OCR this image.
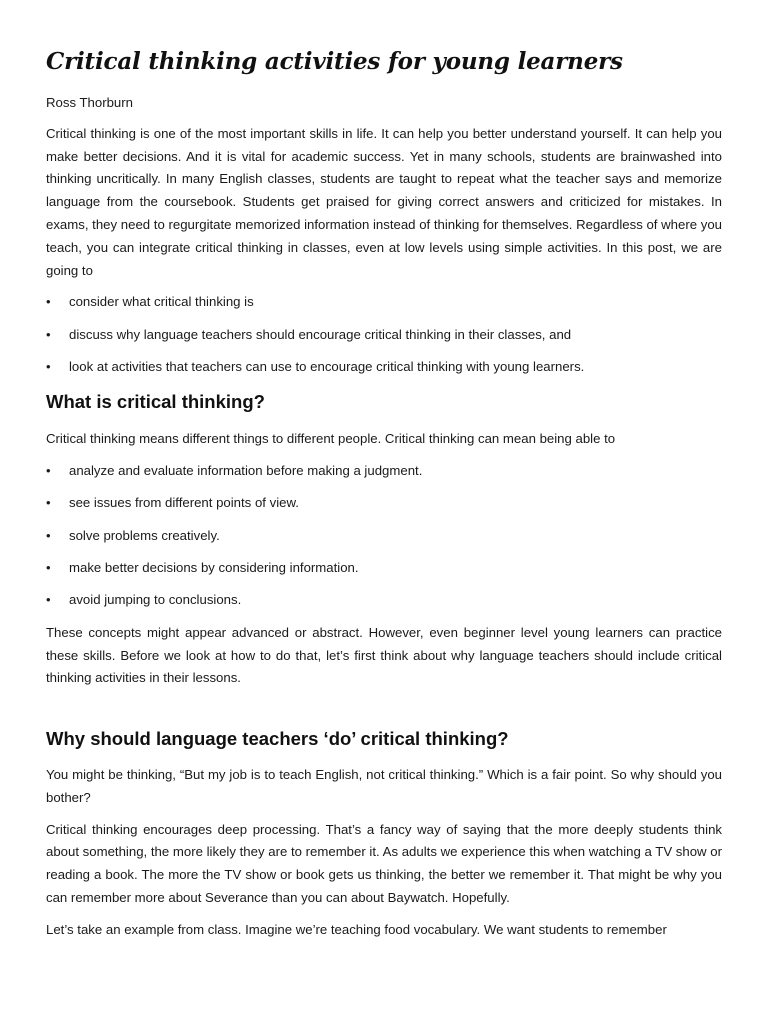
Critical thinking activities for young learners
Ross Thorburn

Critical thinking is one of the most important skills in life. It can help you better understand yourself. It can help you make better decisions. And it is vital for academic success. Yet in many schools, students are brainwashed into thinking uncritically. In many English classes, students are taught to repeat what the teacher says and memorize language from the coursebook. Students get praised for giving correct answers and criticized for mistakes. In exams, they need to regurgitate memorized information instead of thinking for themselves. Regardless of where you teach, you can integrate critical thinking in classes, even at low levels using simple activities. In this post, we are going to

• consider what critical thinking is
• discuss why language teachers should encourage critical thinking in their classes, and
• look at activities that teachers can use to encourage critical thinking with young learners.
What is critical thinking?

Critical thinking means different things to different people. Critical thinking can mean being able to

• analyze and evaluate information before making a judgment.
• see issues from different points of view.
• solve problems creatively.
• make better decisions by considering information.
• avoid jumping to conclusions.

These concepts might appear advanced or abstract. However, even beginner level young learners can practice these skills. Before we look at how to do that, let’s first think about why language teachers should include critical thinking activities in their lessons.

Why should language teachers ‘do’ critical thinking?

You might be thinking, “But my job is to teach English, not critical thinking.” Which is a fair point. So why should you bother?

Critical thinking encourages deep processing. That’s a fancy way of saying that the more deeply students think about something, the more likely they are to remember it. As adults we experience this when watching a TV show or reading a book. The more the TV show or book gets us thinking, the better we remember it. That might be why you can remember more about Severance than you can about Baywatch. Hopefully.

Let’s take an example from class. Imagine we’re teaching food vocabulary. We want students to remember
